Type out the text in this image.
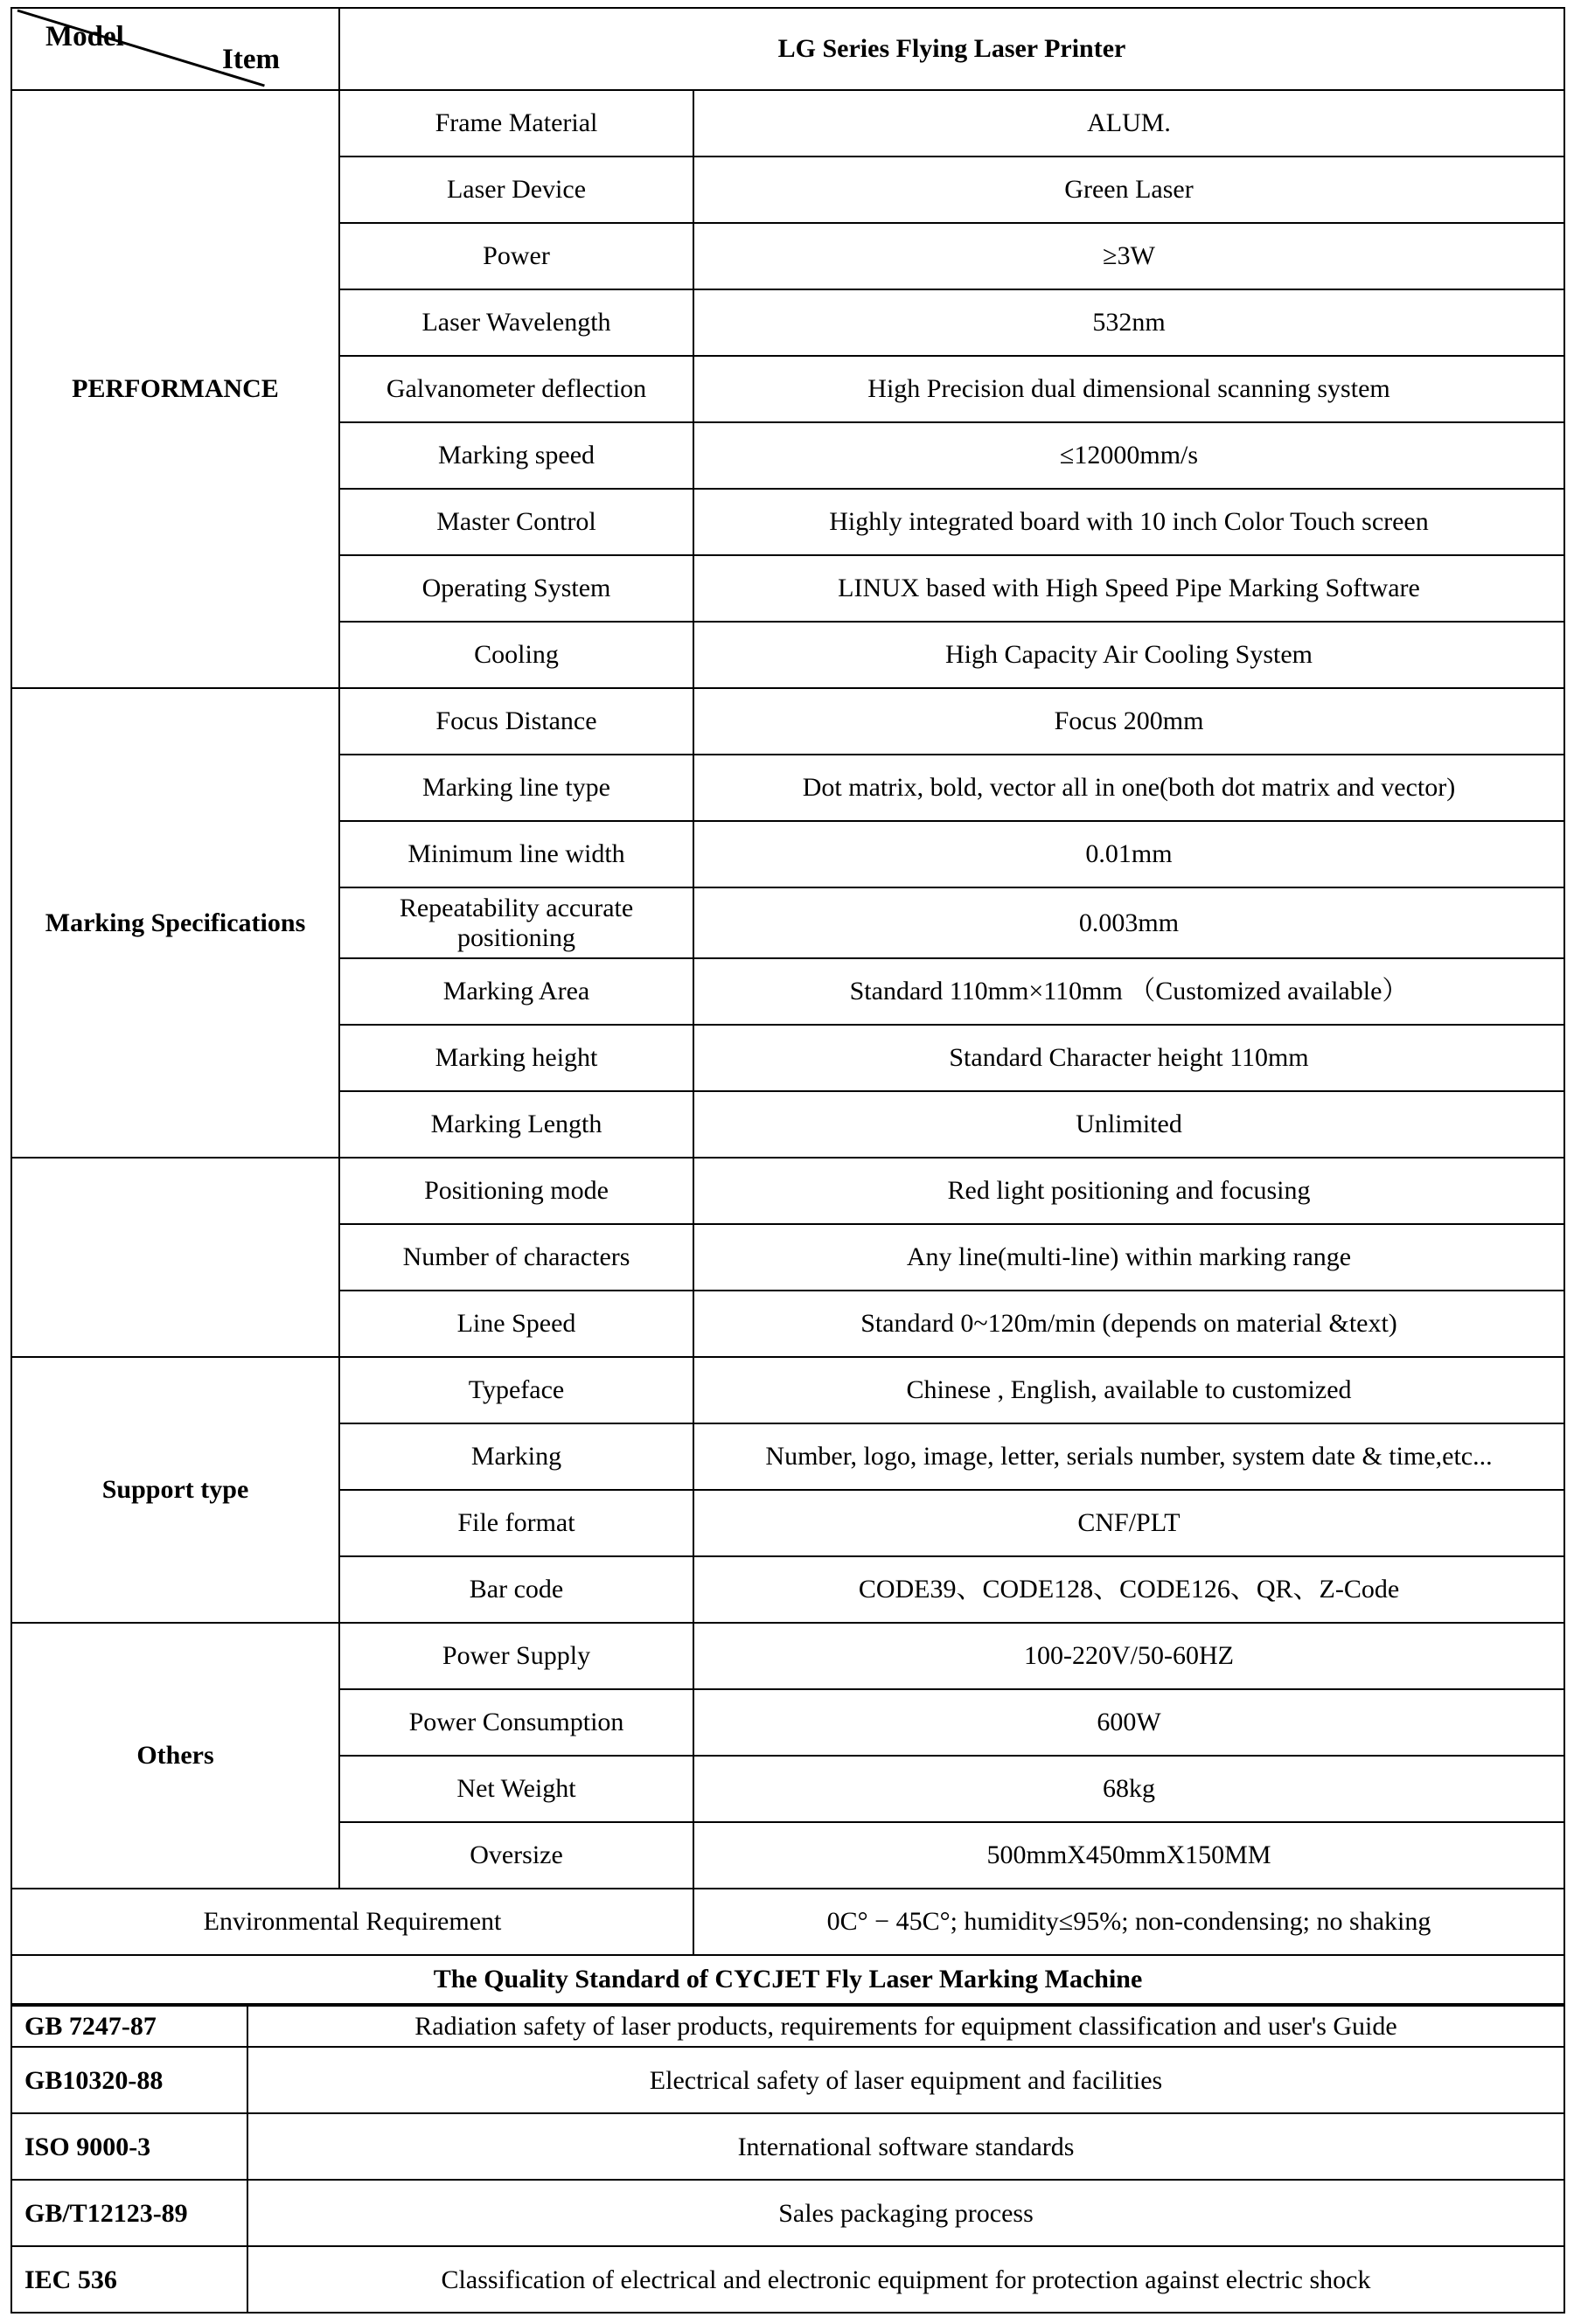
Model
Item	LG Series Flying Laser Printer	
PERFORMANCE	Frame Material	ALUM.
	Laser Device	Green Laser
	Power	≥3W
	Laser Wavelength	532nm

	Galvanometer deflection	High Precision dual dimensional scanning system
	Marking speed	≤12000mm/s
	Master Control	Highly integrated board with 10 inch Color Touch screen
	Operating System	LINUX based with High Speed Pipe Marking Software
	Cooling	High Capacity Air Cooling System
Marking Specifications	Focus Distance	Focus 200mm
	Marking line type	Dot matrix, bold, vector all in one(both dot matrix and vector)

	Minimum line width	0.01mm

	Repeatability accurate positioning	0.003mm
	Marking Area	Standard 110mm×110mm （Customized available）
	Marking height	Standard Character height 110mm
	Marking Length	Unlimited
	Positioning mode	Red light positioning and focusing
	Number of characters	Any line(multi-line) within marking range
	Line Speed	Standard 0~120m/min (depends on material &text)
Support type	Typeface	Chinese , English, available to customized
	Marking	Number, logo, image, letter, serials number, system date & time,etc...

	File format	CNF/PLT
	Bar code	CODE39、CODE128、CODE126、QR、Z-Code
Others	Power Supply	100-220V/50-60HZ
	Power Consumption	600W
	Net Weight	68kg
	Oversize	500mmX450mmX150MM
Environmental Requirement		0C° − 45C°; humidity≤95%; non-condensing; no shaking
The Quality Standard of CYCJET Fly Laser Marking Machine		
GB 7247-87	Radiation safety of laser products, requirements for equipment classification and user's Guide

GB10320-88	Electrical safety of laser equipment and facilities
ISO 9000-3	International software standards
GB/T12123-89	Sales packaging process
IEC 536	Classification of electrical and electronic equipment for protection against electric shock
